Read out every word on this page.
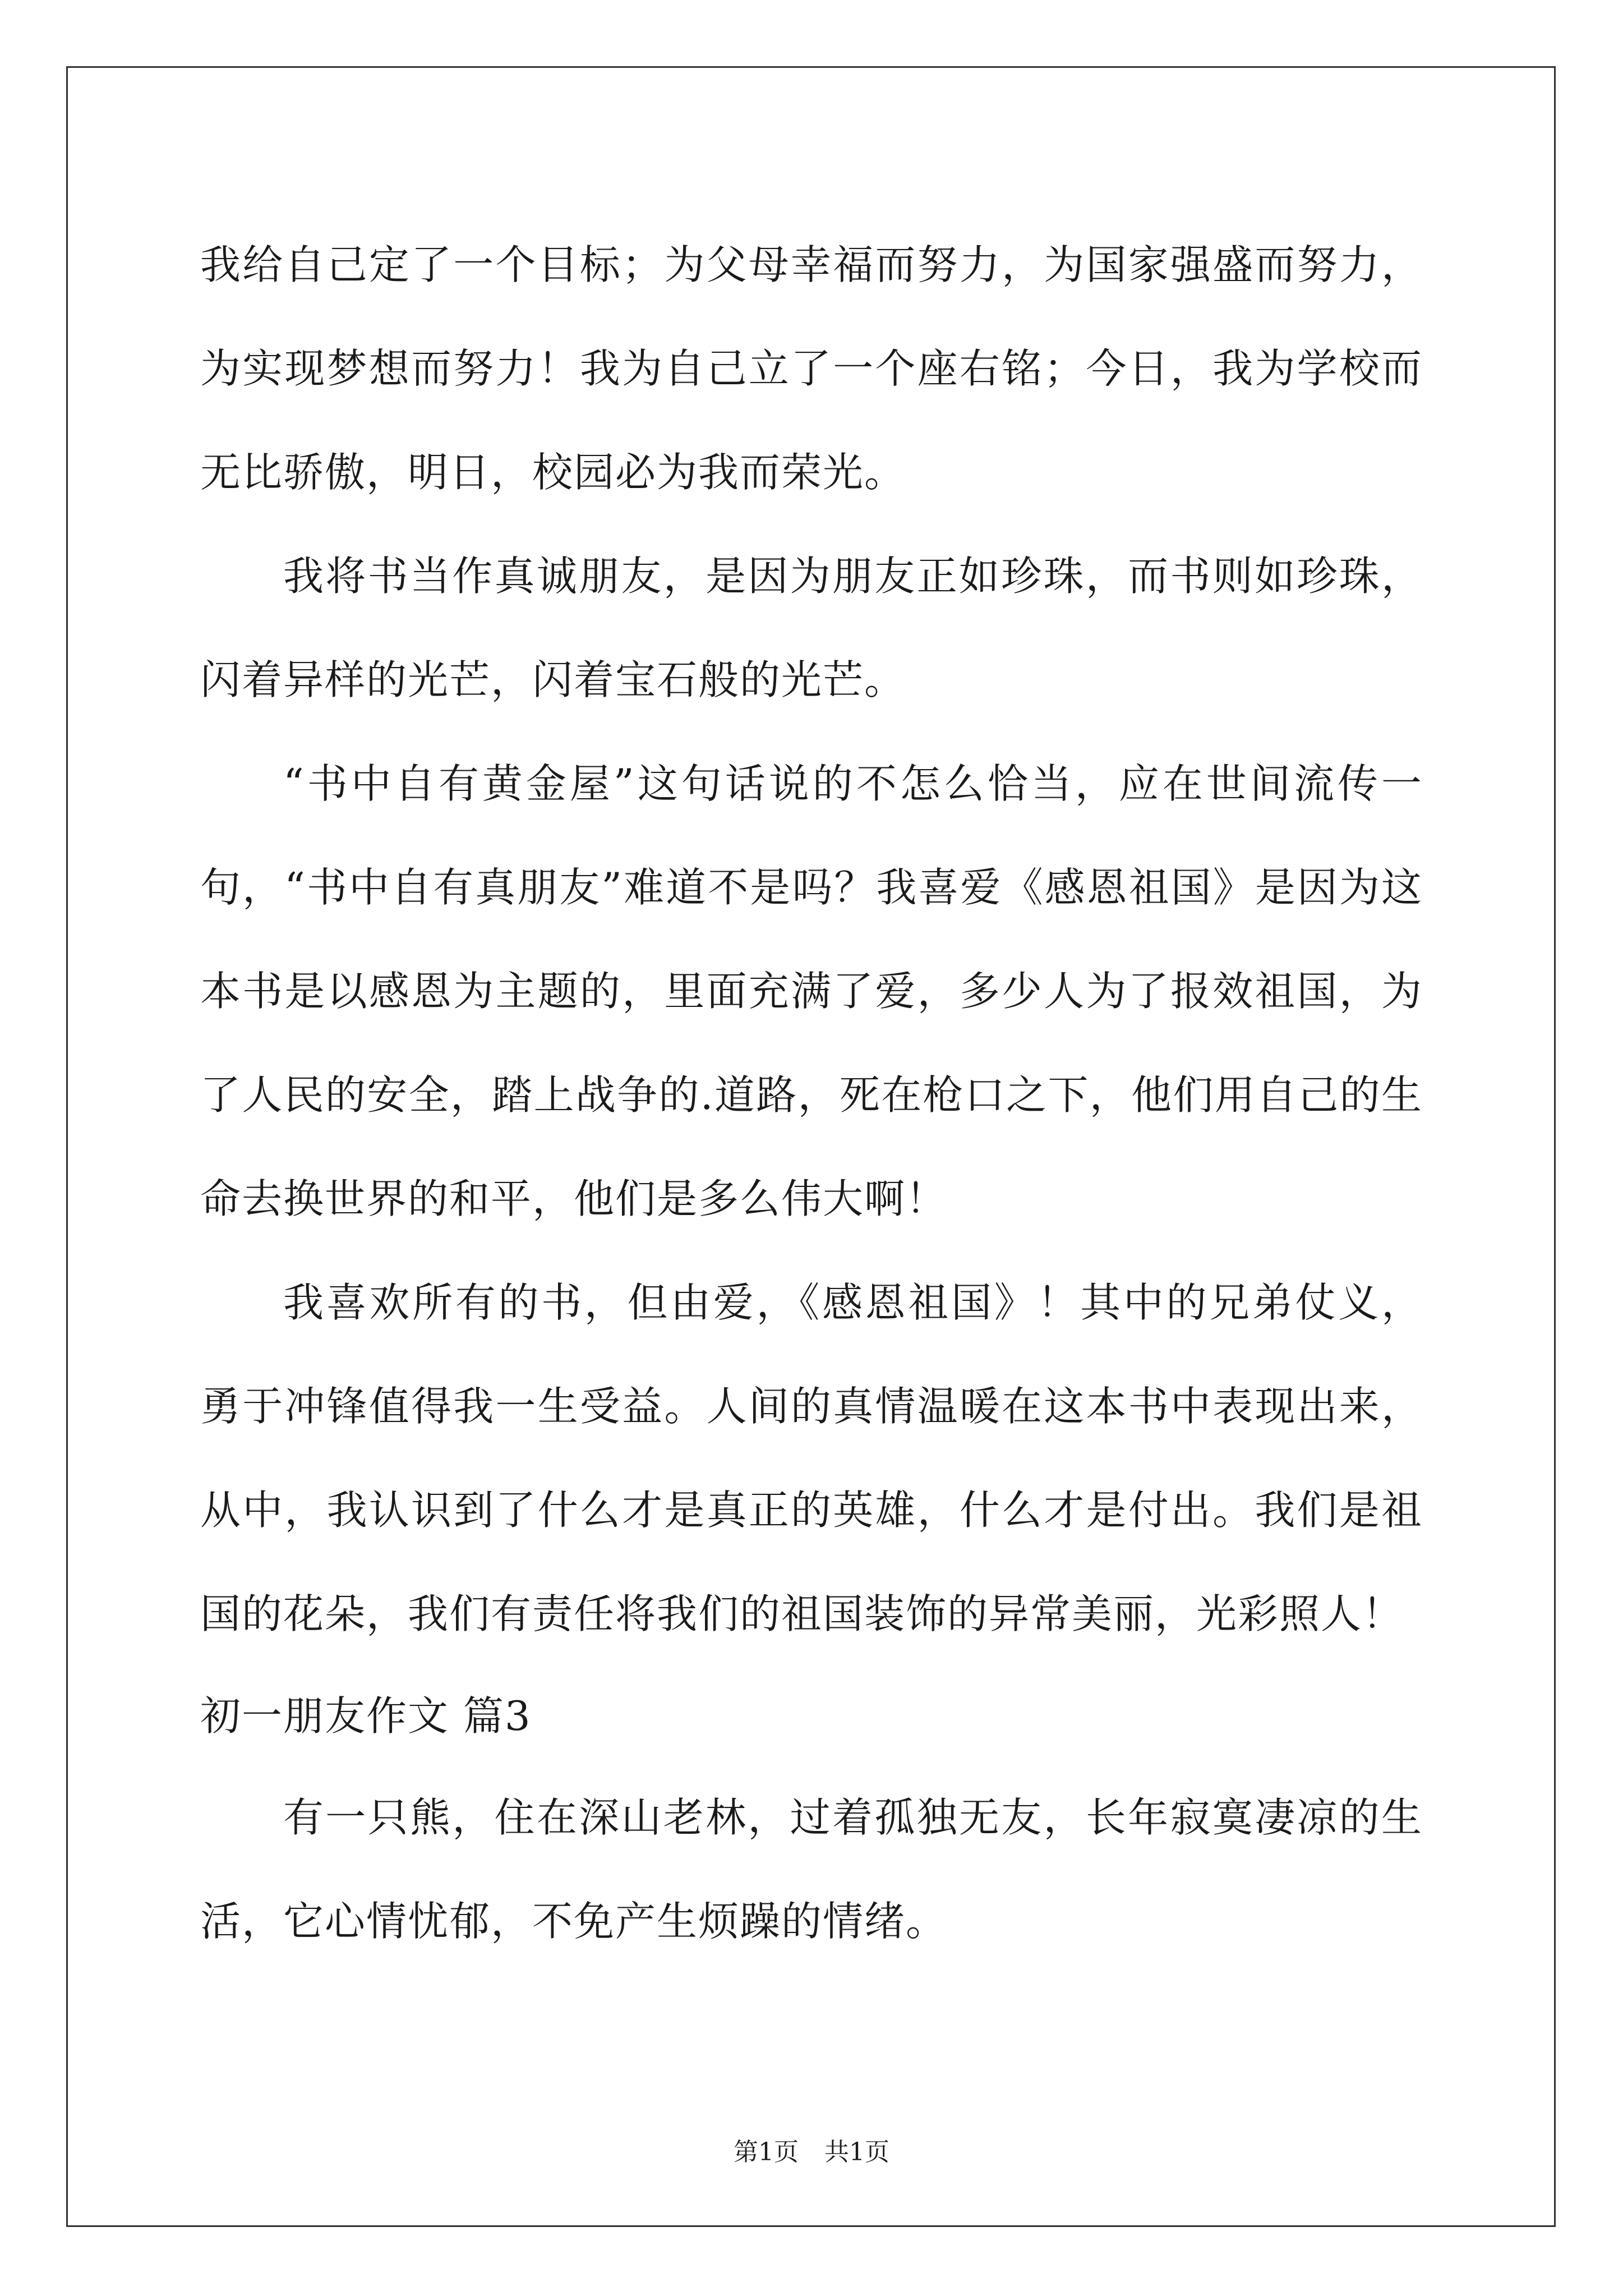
我给自己定了一个目标；为父母幸福而努力，为国家强盛而努力，为实现梦想而努力！我为自己立了一个座右铭；今日，我为学校而无比骄傲，明日，校园必为我而荣光。

我将书当作真诚朋友，是因为朋友正如珍珠，而书则如珍珠，闪着异样的光芒，闪着宝石般的光芒。

“书中自有黄金屋”这句话说的不怎么恰当，应在世间流传一句，“书中自有真朋友”难道不是吗？我喜爱《感恩祖国》是因为这本书是以感恩为主题的，里面充满了爱，多少人为了报效祖国，为了人民的安全，踏上战争的.道路，死在枪口之下，他们用自己的生命去换世界的和平，他们是多么伟大啊！

我喜欢所有的书，但由爱，《感恩祖国》！其中的兄弟仗义，勇于冲锋值得我一生受益。人间的真情温暖在这本书中表现出来，从中，我认识到了什么才是真正的英雄，什么才是付出。我们是祖国的花朵，我们有责任将我们的祖国装饰的异常美丽，光彩照人！

初一朋友作文 篇3

有一只熊，住在深山老林，过着孤独无友，长年寂寞凄凉的生活，它心情忧郁，不免产生烦躁的情绪。

第1页 共1页
